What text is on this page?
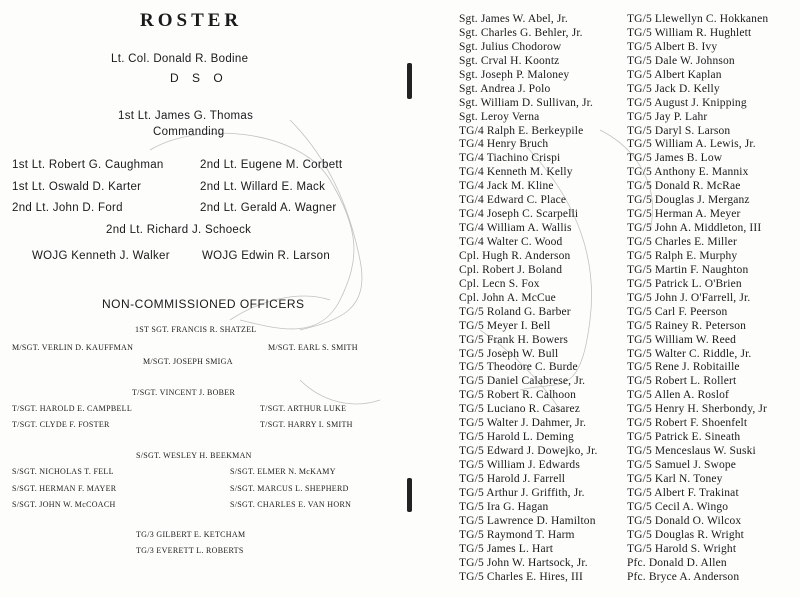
ROSTER
Lt. Col. Donald R. Bodine
D S O
1st Lt. James G. Thomas
Commanding
1st Lt. Robert G. Caughman	2nd Lt. Eugene M. Corbett
1st Lt. Oswald D. Karter	2nd Lt. Willard E. Mack
2nd Lt. John D. Ford	2nd Lt. Gerald A. Wagner
2nd Lt. Richard J. Schoeck
WOJG Kenneth J. Walker	WOJG Edwin R. Larson
NON-COMMISSIONED OFFICERS
1ST SGT. FRANCIS R. SHATZEL
M/SGT. VERLIN D. KAUFFMAN	M/SGT. EARL S. SMITH
M/SGT. JOSEPH SMIGA
T/SGT. VINCENT J. BOBER
T/SGT. HAROLD E. CAMPBELL	T/SGT. ARTHUR LUKE
T/SGT. CLYDE F. FOSTER	T/SGT. HARRY I. SMITH
S/SGT. WESLEY H. BEEKMAN
S/SGT. NICHOLAS T. FELL	S/SGT. ELMER N. McKAMY
S/SGT. HERMAN F. MAYER	S/SGT. MARCUS L. SHEPHERD
S/SGT. JOHN W. McCOACH	S/SGT. CHARLES E. VAN HORN
TG/3 GILBERT E. KETCHAM
TG/3 EVERETT L. ROBERTS
Sgt. James W. Abel, Jr.
Sgt. Charles G. Behler, Jr.
Sgt. Julius Chodorow
Sgt. Crval H. Koontz
Sgt. Joseph P. Maloney
Sgt. Andrea J. Polo
Sgt. William D. Sullivan, Jr.
Sgt. Leroy Verna
TG/4 Ralph E. Berkeypile
TG/4 Henry Bruch
TG/4 Tiachino Crispi
TG/4 Kenneth M. Kelly
TG/4 Jack M. Kline
TG/4 Edward C. Place
TG/4 Joseph C. Scarpelli
TG/4 William A. Wallis
TG/4 Walter C. Wood
Cpl. Hugh R. Anderson
Cpl. Robert J. Boland
Cpl. Lecn S. Fox
Cpl. John A. McCue
TG/5 Roland G. Barber
TG/5 Meyer I. Bell
TG/5 Frank H. Bowers
TG/5 Joseph W. Bull
TG/5 Theodore C. Burde
TG/5 Daniel Calabrese, Jr.
TG/5 Robert R. Calhoon
TG/5 Luciano R. Casarez
TG/5 Walter J. Dahmer, Jr.
TG/5 Harold L. Deming
TG/5 Edward J. Dowejko, Jr.
TG/5 William J. Edwards
TG/5 Harold J. Farrell
TG/5 Arthur J. Griffith, Jr.
TG/5 Ira G. Hagan
TG/5 Lawrence D. Hamilton
TG/5 Raymond T. Harm
TG/5 James L. Hart
TG/5 John W. Hartsock, Jr.
TG/5 Charles E. Hires, III
TG/5 Llewellyn C. Hokkanen
TG/5 William R. Hughlett
TG/5 Albert B. Ivy
TG/5 Dale W. Johnson
TG/5 Albert Kaplan
TG/5 Jack D. Kelly
TG/5 August J. Knipping
TG/5 Jay P. Lahr
TG/5 Daryl S. Larson
TG/5 William A. Lewis, Jr.
TG/5 James B. Low
TG/5 Anthony E. Mannix
TG/5 Donald R. McRae
TG/5 Douglas J. Merganz
TG/5 Herman A. Meyer
TG/5 John A. Middleton, III
TG/5 Charles E. Miller
TG/5 Ralph E. Murphy
TG/5 Martin F. Naughton
TG/5 Patrick L. O'Brien
TG/5 John J. O'Farrell, Jr.
TG/5 Carl F. Peerson
TG/5 Rainey R. Peterson
TG/5 William W. Reed
TG/5 Walter C. Riddle, Jr.
TG/5 Rene J. Robitaille
TG/5 Robert L. Rollert
TG/5 Allen A. Roslof
TG/5 Henry H. Sherbondy, Jr
TG/5 Robert F. Shoenfelt
TG/5 Patrick E. Sineath
TG/5 Menceslaus W. Suski
TG/5 Samuel J. Swope
TG/5 Karl N. Toney
TG/5 Albert F. Trakinat
TG/5 Cecil A. Wingo
TG/5 Donald O. Wilcox
TG/5 Douglas R. Wright
TG/5 Harold S. Wright
Pfc. Donald D. Allen
Pfc. Bryce A. Anderson
